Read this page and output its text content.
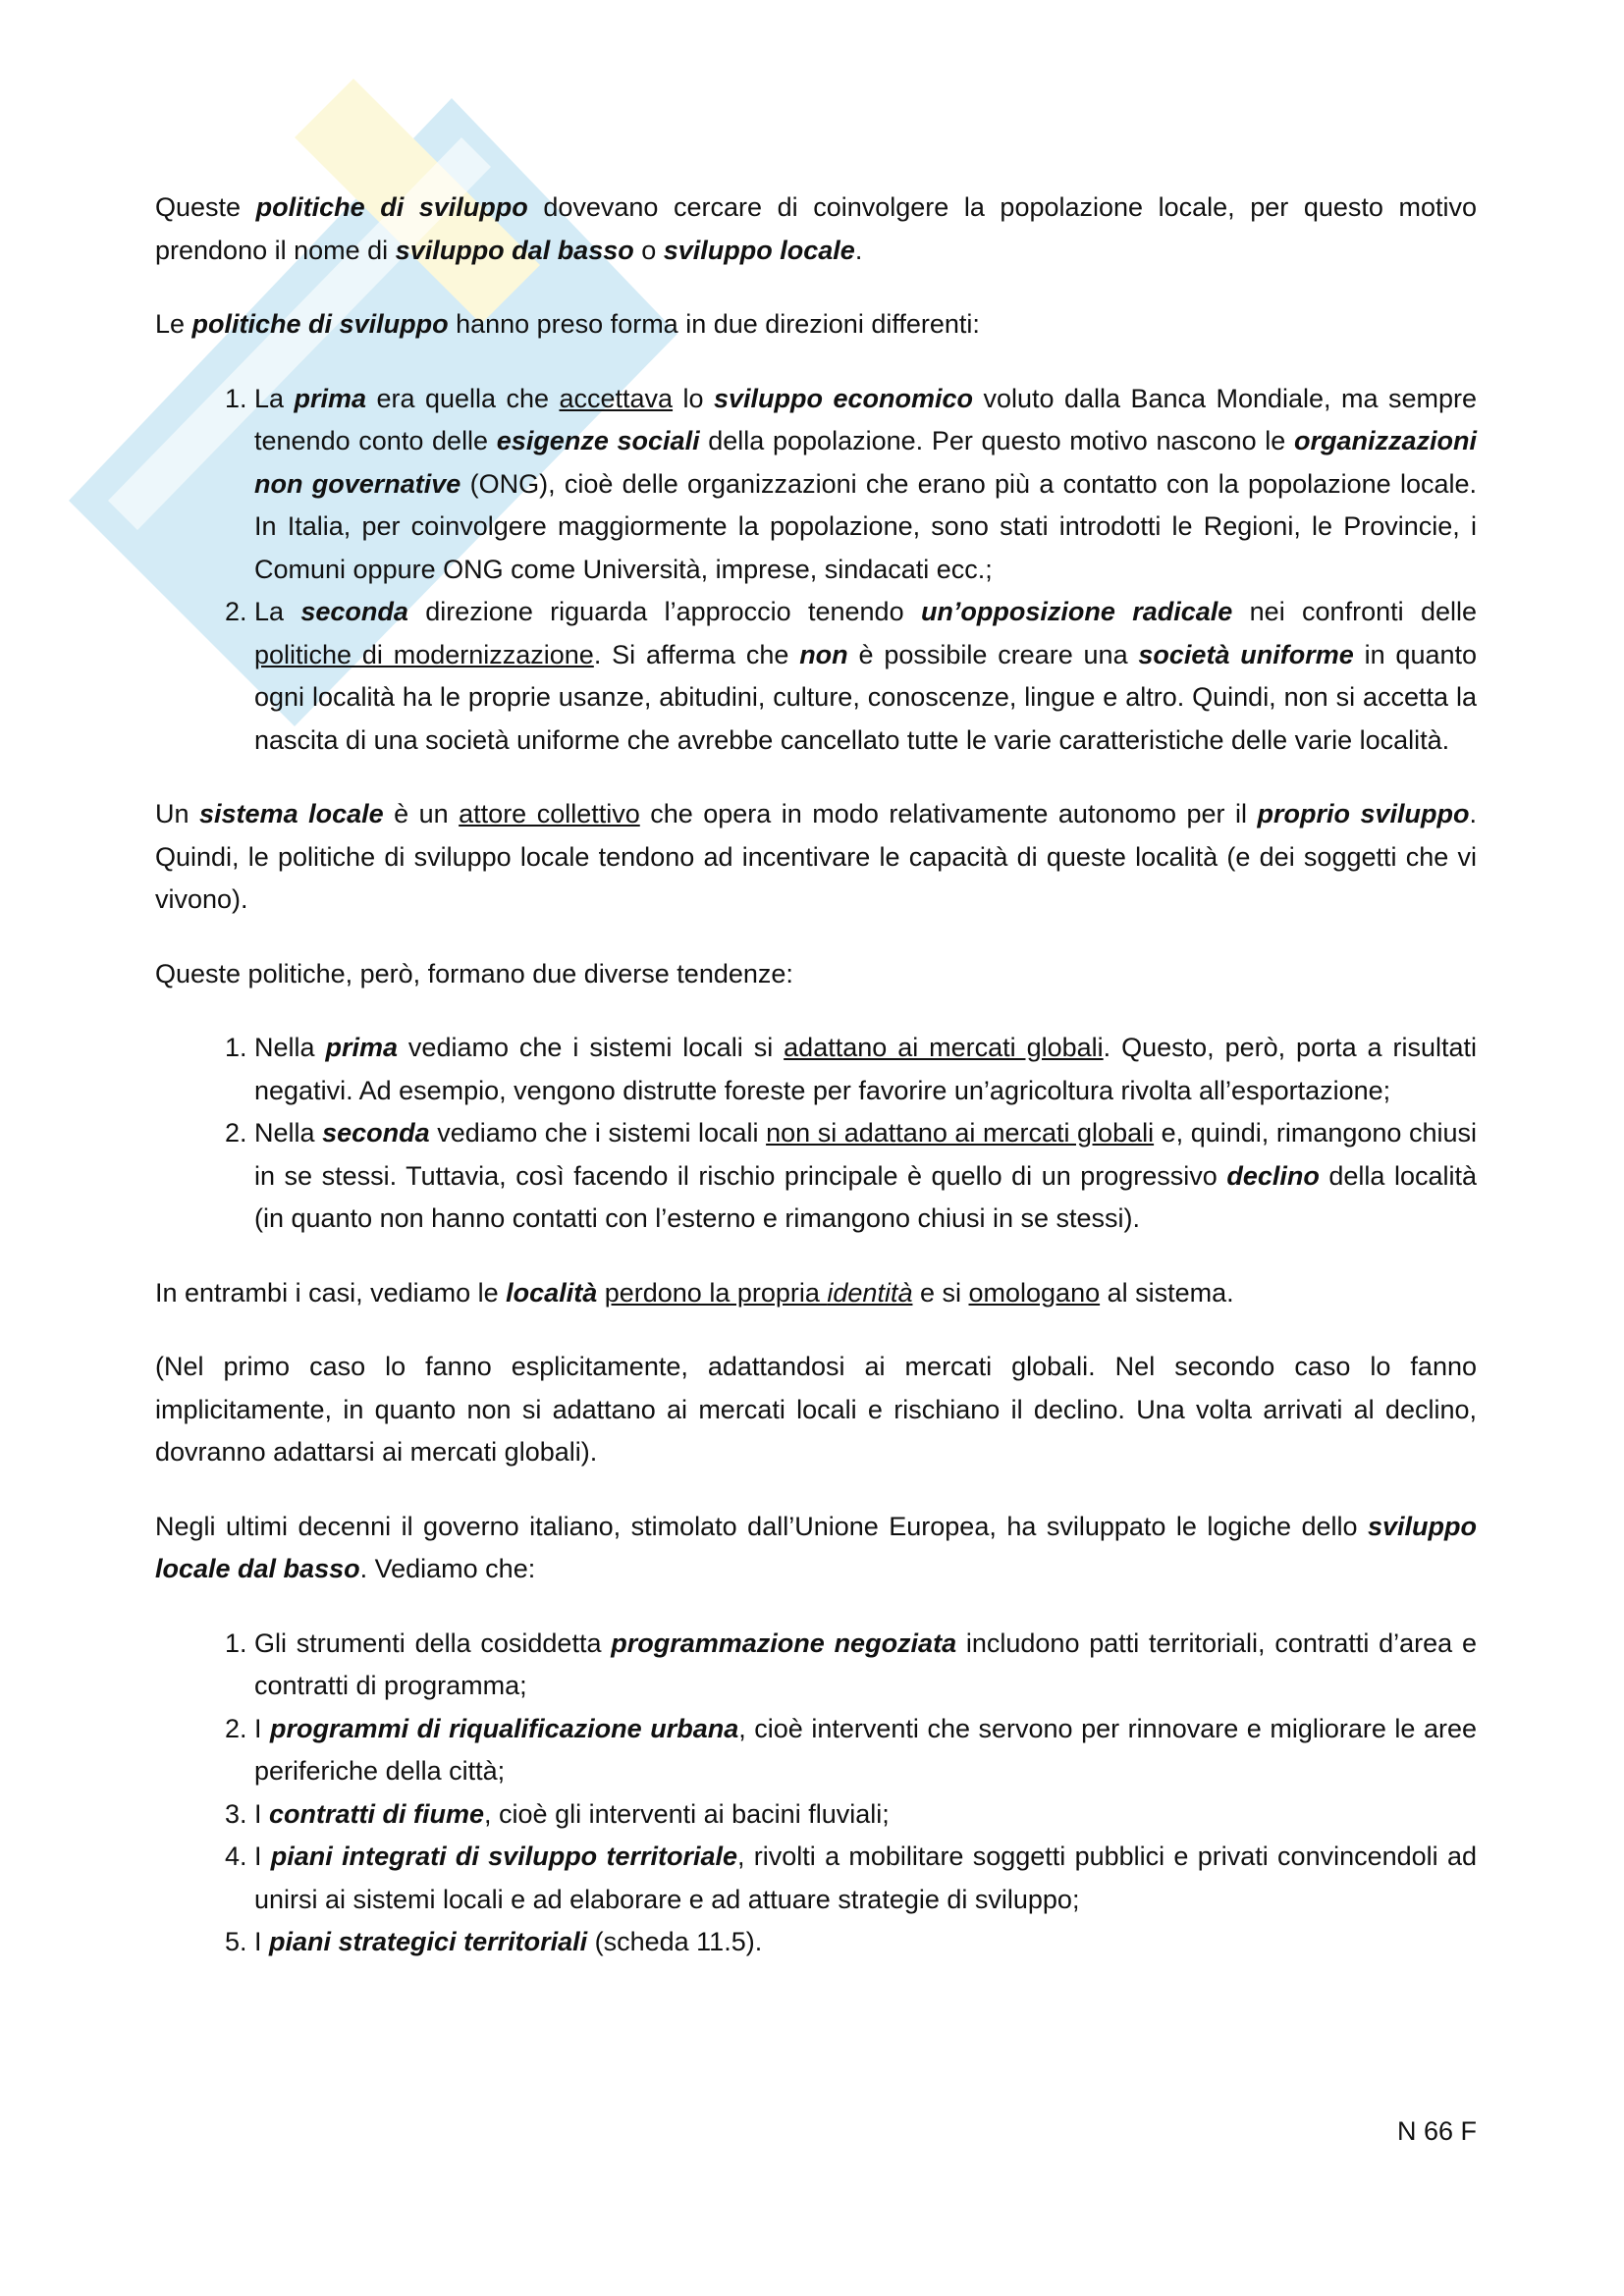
Queste politiche di sviluppo dovevano cercare di coinvolgere la popolazione locale, per questo motivo prendono il nome di sviluppo dal basso o sviluppo locale.

Le politiche di sviluppo hanno preso forma in due direzioni differenti:

1. La prima era quella che accettava lo sviluppo economico voluto dalla Banca Mondiale, ma sempre tenendo conto delle esigenze sociali della popolazione. Per questo motivo nascono le organizzazioni non governative (ONG), cioè delle organizzazioni che erano più a contatto con la popolazione locale. In Italia, per coinvolgere maggiormente la popolazione, sono stati introdotti le Regioni, le Provincie, i Comuni oppure ONG come Università, imprese, sindacati ecc.;
2. La seconda direzione riguarda l’approccio tenendo un’opposizione radicale nei confronti delle politiche di modernizzazione. Si afferma che non è possibile creare una società uniforme in quanto ogni località ha le proprie usanze, abitudini, culture, conoscenze, lingue e altro. Quindi, non si accetta la nascita di una società uniforme che avrebbe cancellato tutte le varie caratteristiche delle varie località.

Un sistema locale è un attore collettivo che opera in modo relativamente autonomo per il proprio sviluppo. Quindi, le politiche di sviluppo locale tendono ad incentivare le capacità di queste località (e dei soggetti che vi vivono).

Queste politiche, però, formano due diverse tendenze:

1. Nella prima vediamo che i sistemi locali si adattano ai mercati globali. Questo, però, porta a risultati negativi. Ad esempio, vengono distrutte foreste per favorire un’agricoltura rivolta all’esportazione;
2. Nella seconda vediamo che i sistemi locali non si adattano ai mercati globali e, quindi, rimangono chiusi in se stessi. Tuttavia, così facendo il rischio principale è quello di un progressivo declino della località (in quanto non hanno contatti con l’esterno e rimangono chiusi in se stessi).

In entrambi i casi, vediamo le località perdono la propria identità e si omologano al sistema.

(Nel primo caso lo fanno esplicitamente, adattandosi ai mercati globali. Nel secondo caso lo fanno implicitamente, in quanto non si adattano ai mercati locali e rischiano il declino. Una volta arrivati al declino, dovranno adattarsi ai mercati globali).

Negli ultimi decenni il governo italiano, stimolato dall’Unione Europea, ha sviluppato le logiche dello sviluppo locale dal basso. Vediamo che:

1. Gli strumenti della cosiddetta programmazione negoziata includono patti territoriali, contratti d’area e contratti di programma;
2. I programmi di riqualificazione urbana, cioè interventi che servono per rinnovare e migliorare le aree periferiche della città;
3. I contratti di fiume, cioè gli interventi ai bacini fluviali;
4. I piani integrati di sviluppo territoriale, rivolti a mobilitare soggetti pubblici e privati convincendoli ad unirsi ai sistemi locali e ad elaborare e ad attuare strategie di sviluppo;
5. I piani strategici territoriali (scheda 11.5).
N 66 F
